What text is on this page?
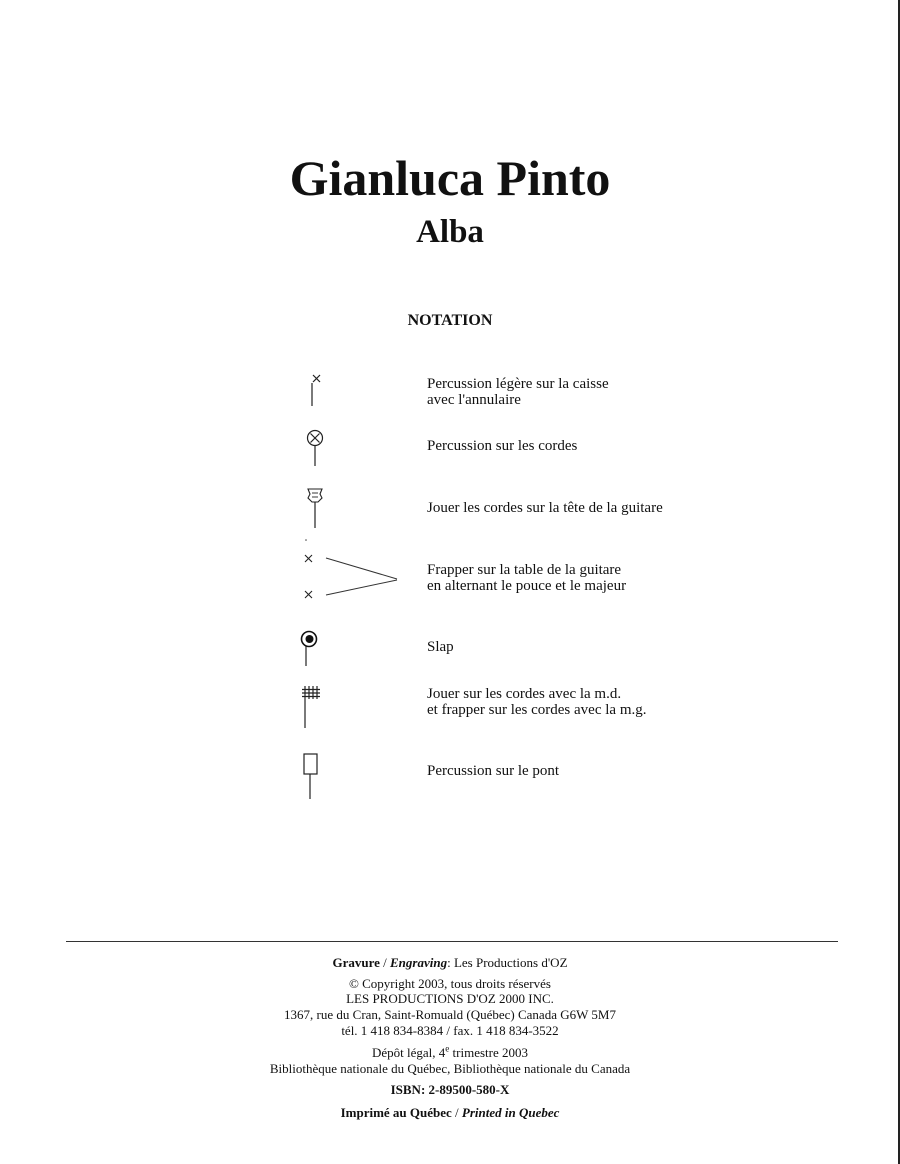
Gianluca Pinto
Alba
NOTATION
Percussion légère sur la caisse
avec l'annulaire
Percussion sur les cordes
Jouer les cordes sur la tête de la guitare
Frapper sur la table de la guitare
en alternant le pouce et le majeur
Slap
Jouer sur les cordes avec la m.d.
et frapper sur les cordes avec la m.g.
Percussion sur le pont
Gravure / Engraving: Les Productions d'OZ
© Copyright 2003, tous droits réservés
LES PRODUCTIONS D'OZ 2000 INC.
1367, rue du Cran, Saint-Romuald (Québec) Canada G6W 5M7
tél. 1 418 834-8384 / fax. 1 418 834-3522
Dépôt légal, 4e trimestre 2003
Bibliothèque nationale du Québec, Bibliothèque nationale du Canada
ISBN: 2-89500-580-X
Imprimé au Québec / Printed in Quebec
